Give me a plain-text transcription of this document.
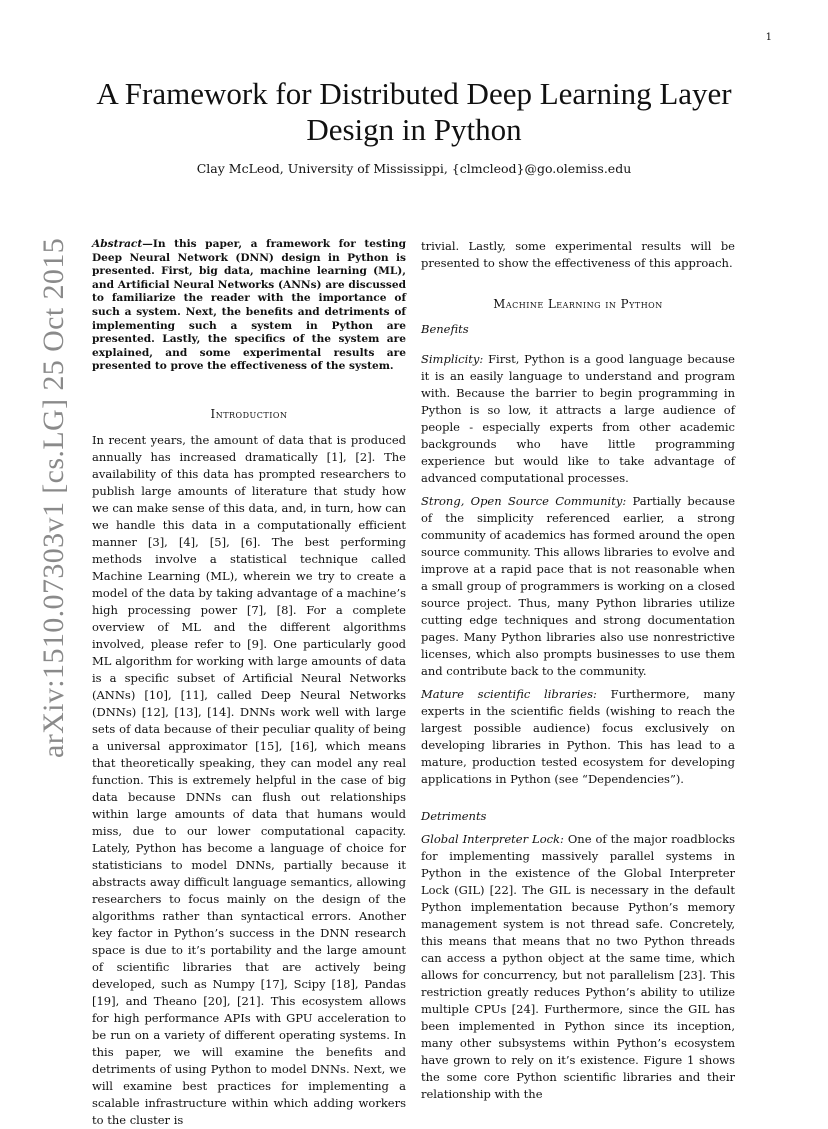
1
arXiv:1510.07303v1 [cs.LG] 25 Oct 2015
A Framework for Distributed Deep Learning Layer Design in Python
Clay McLeod, University of Mississippi, {clmcleod}@go.olemiss.edu

Abstract—In this paper, a framework for testing Deep Neural Network (DNN) design in Python is presented. First, big data, machine learning (ML), and Artificial Neural Networks (ANNs) are discussed to familiarize the reader with the importance of such a system. Next, the benefits and detriments of implementing such a system in Python are presented. Lastly, the specifics of the system are explained, and some experimental results are presented to prove the effectiveness of the system.

Introduction

In recent years, the amount of data that is produced annually has increased dramatically [1], [2]. The availability of this data has prompted researchers to publish large amounts of literature that study how we can make sense of this data, and, in turn, how can we handle this data in a computationally efficient manner [3], [4], [5], [6]. The best performing methods involve a statistical technique called Machine Learning (ML), wherein we try to create a model of the data by taking advantage of a machine’s high processing power [7], [8]. For a complete overview of ML and the different algorithms involved, please refer to [9]. One particularly good ML algorithm for working with large amounts of data is a specific subset of Artificial Neural Networks (ANNs) [10], [11], called Deep Neural Networks (DNNs) [12], [13], [14]. DNNs work well with large sets of data because of their peculiar quality of being a universal approximator [15], [16], which means that theoretically speaking, they can model any real function. This is extremely helpful in the case of big data because DNNs can flush out relationships within large amounts of data that humans would miss, due to our lower computational capacity. Lately, Python has become a language of choice for statisticians to model DNNs, partially because it abstracts away difficult language semantics, allowing researchers to focus mainly on the design of the algorithms rather than syntactical errors. Another key factor in Python’s success in the DNN research space is due to it’s portability and the large amount of scientific libraries that are actively being developed, such as Numpy [17], Scipy [18], Pandas [19], and Theano [20], [21]. This ecosystem allows for high performance APIs with GPU acceleration to be run on a variety of different operating systems. In this paper, we will examine the benefits and detriments of using Python to model DNNs. Next, we will examine best practices for implementing a scalable infrastructure within which adding workers to the cluster is

trivial. Lastly, some experimental results will be presented to show the effectiveness of this approach.

Machine Learning in Python
Benefits

Simplicity: First, Python is a good language because it is an easily language to understand and program with. Because the barrier to begin programming in Python is so low, it attracts a large audience of people - especially experts from other academic backgrounds who have little programming experience but would like to take advantage of advanced computational processes.

Strong, Open Source Community: Partially because of the simplicity referenced earlier, a strong community of academics has formed around the open source community. This allows libraries to evolve and improve at a rapid pace that is not reasonable when a small group of programmers is working on a closed source project. Thus, many Python libraries utilize cutting edge techniques and strong documentation pages. Many Python libraries also use nonrestrictive licenses, which also prompts businesses to use them and contribute back to the community.

Mature scientific libraries: Furthermore, many experts in the scientific fields (wishing to reach the largest possible audience) focus exclusively on developing libraries in Python. This has lead to a mature, production tested ecosystem for developing applications in Python (see “Dependencies”).

Detriments

Global Interpreter Lock: One of the major roadblocks for implementing massively parallel systems in Python in the existence of the Global Interpreter Lock (GIL) [22]. The GIL is necessary in the default Python implementation because Python’s memory management system is not thread safe. Concretely, this means that means that no two Python threads can access a python object at the same time, which allows for concurrency, but not parallelism [23]. This restriction greatly reduces Python’s ability to utilize multiple CPUs [24]. Furthermore, since the GIL has been implemented in Python since its inception, many other subsystems within Python’s ecosystem have grown to rely on it’s existence. Figure 1 shows the some core Python scientific libraries and their relationship with the
